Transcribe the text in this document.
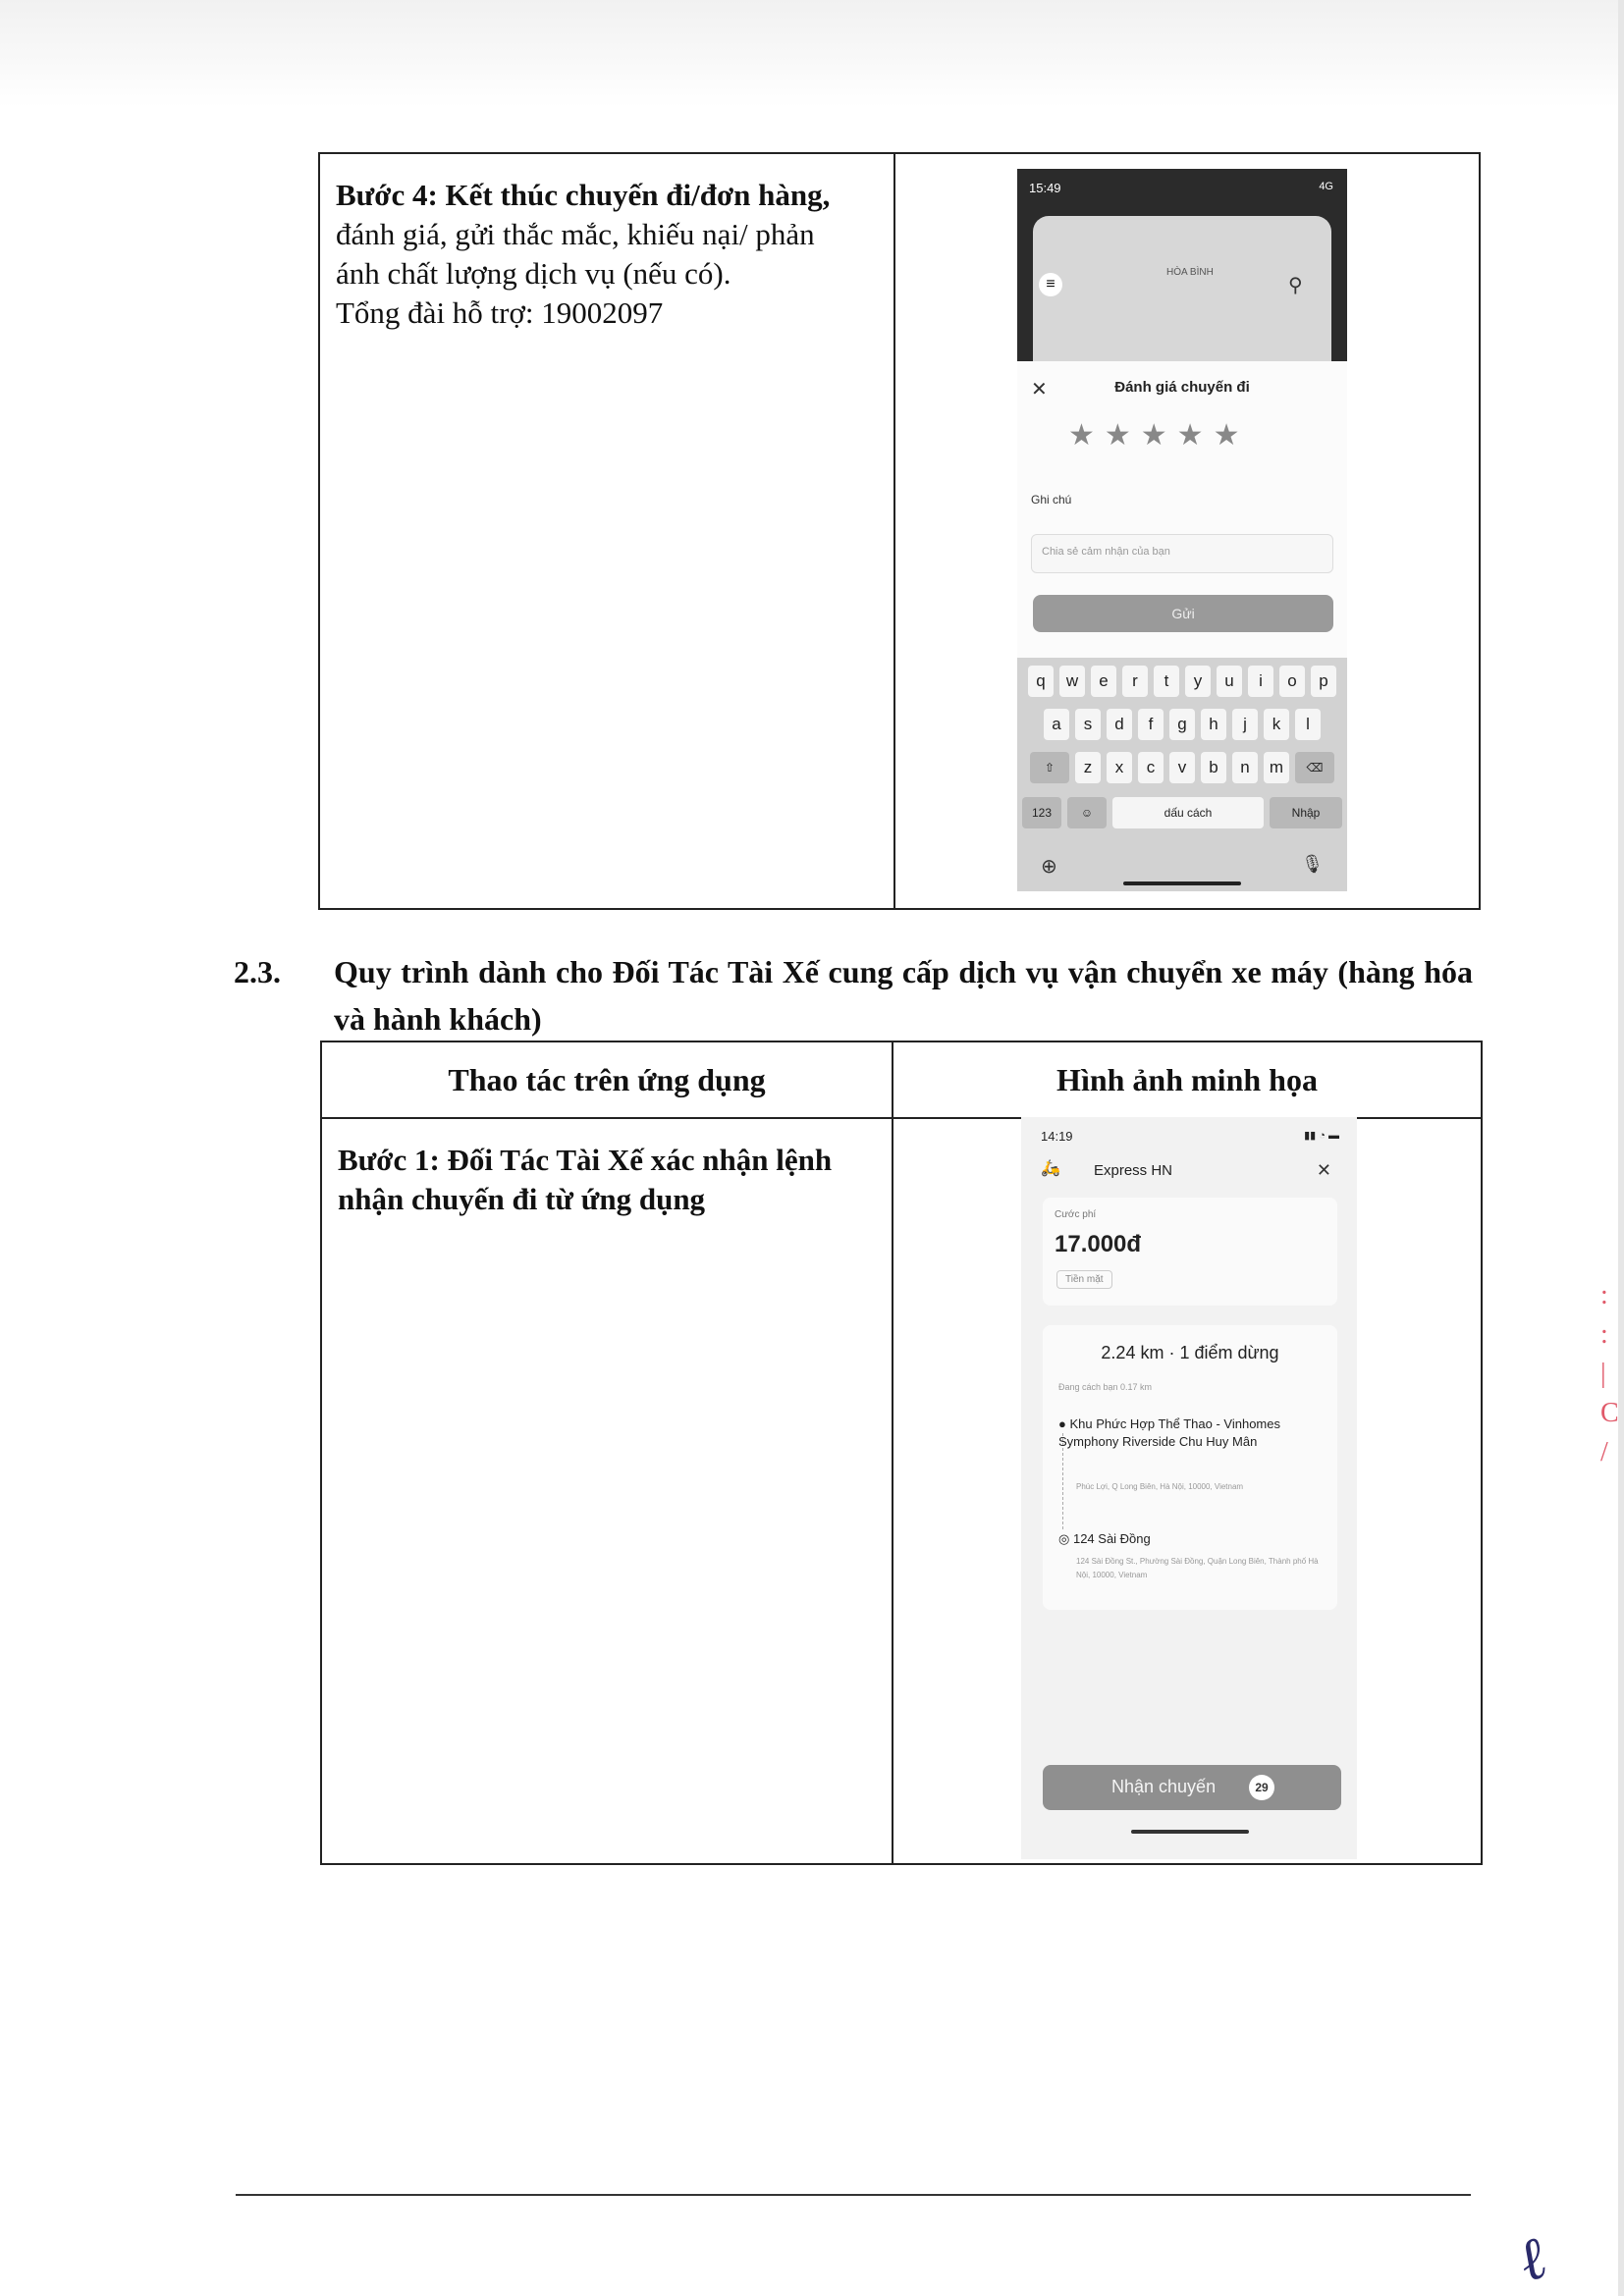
Bước 4: Kết thúc chuyến đi/đơn hàng,
đánh giá, gửi thắc mắc, khiếu nại/ phản
ánh chất lượng dịch vụ (nếu có).
Tổng đài hỗ trợ: 19002097

15:49	4G
≡
HÒA BÌNH
⚲
✕	Đánh giá chuyến đi
★★★★★
Ghi chú
Chia sẻ cảm nhận của bạn
Gửi
q	w	e	r	t	y	u	i	o	p
a	s	d	f	g	h	j	k	l
⇧	z	x	c	v	b	n	m	⌫
123	☺	dấu cách	Nhập
⊕	🎙
2.3. Quy trình dành cho Đối Tác Tài Xế cung cấp dịch vụ vận chuyển xe máy (hàng hóa và hành khách)
Thao tác trên ứng dụng	Hình ảnh minh họa

Bước 1: Đối Tác Tài Xế xác nhận lệnh
nhận chuyến đi từ ứng dụng	

14:19	▮▮ ◔ ▬
🛵 Express HN	✕
Cước phí
17.000đ
Tiền mặt
2.24 km · 1 điểm dừng
Đang cách bạn 0.17 km
● Khu Phức Hợp Thể Thao - Vinhomes Symphony Riverside Chu Huy Mân
Phúc Lợi, Q Long Biên, Hà Nội, 10000, Vietnam
◎ 124 Sài Đồng
124 Sài Đồng St., Phường Sài Đồng, Quận Long Biên, Thành phố Hà Nội, 10000, Vietnam
Nhận chuyến	29
ℓ
:
:
|
C
/
